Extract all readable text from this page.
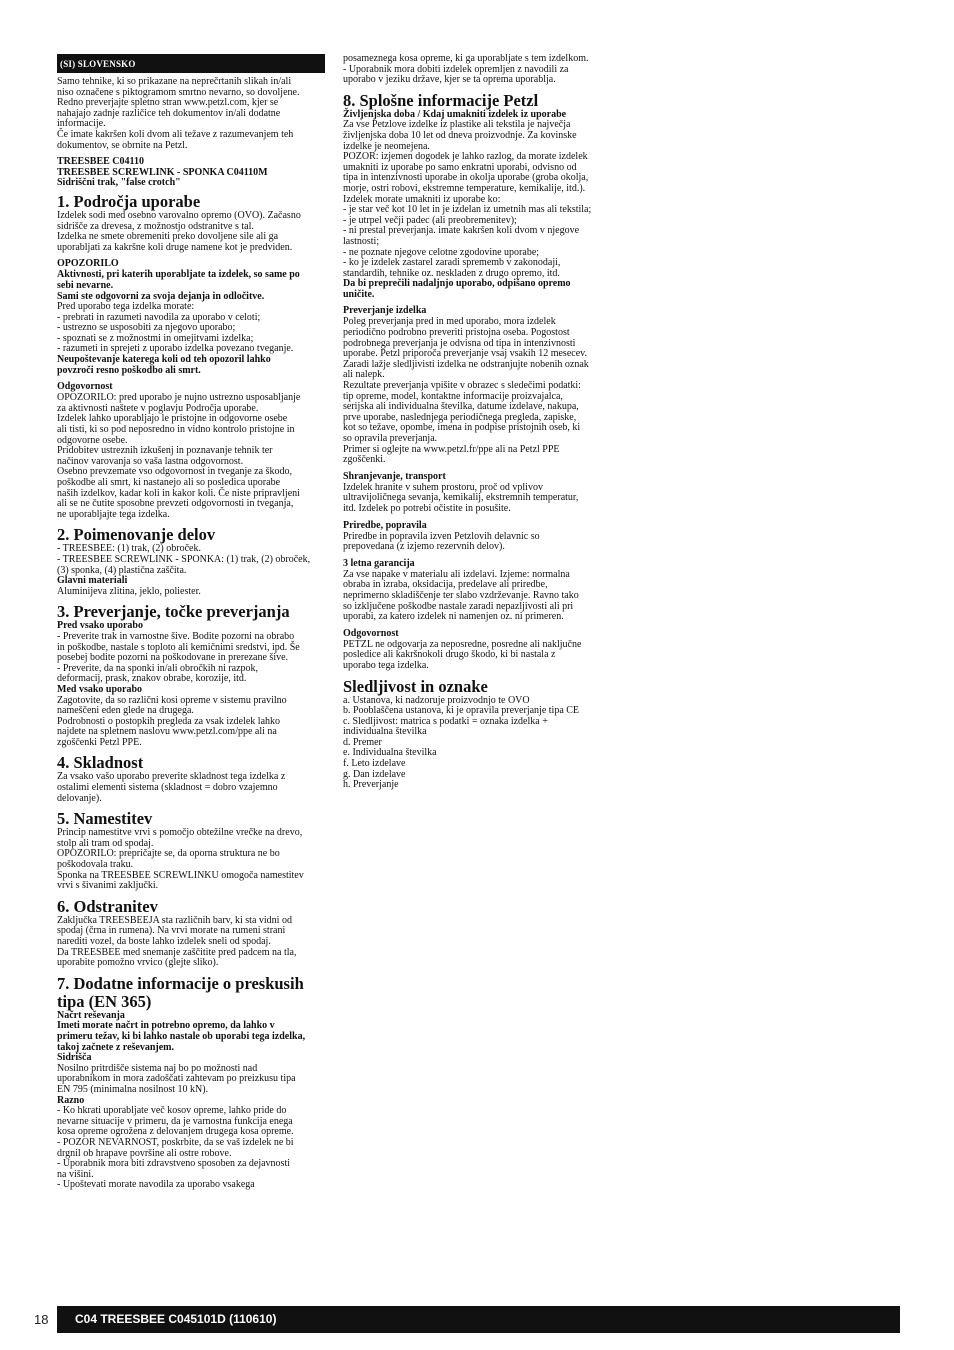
(SI) SLOVENSKO

Samo tehnike, ki so prikazane na neprečrtanih slikah in/ali
niso označene s piktogramom smrtno nevarno, so dovoljene.
Redno preverjajte spletno stran www.petzl.com, kjer se
nahajajo zadnje različice teh dokumentov in/ali dodatne
informacije.
Če imate kakršen koli dvom ali težave z razumevanjem teh
dokumentov, se obrnite na Petzl.

TREESBEE C04110
TREESBEE SCREWLINK - SPONKA C04110M
Sidriščni trak, "false crotch"

1. Področja uporabe

Izdelek sodi med osebno varovalno opremo (OVO). Začasno
sidrišče za drevesa, z možnostjo odstranitve s tal.
Izdelka ne smete obremeniti preko dovoljene sile ali ga
uporabljati za kakršne koli druge namene kot je predviden.

OPOZORILO

Aktivnosti, pri katerih uporabljate ta izdelek, so same po
sebi nevarne.
Sami ste odgovorni za svoja dejanja in odločitve.

Pred uporabo tega izdelka morate:
- prebrati in razumeti navodila za uporabo v celoti;
- ustrezno se usposobiti za njegovo uporabo;
- spoznati se z možnostmi in omejitvami izdelka;
- razumeti in sprejeti z uporabo izdelka povezano tveganje.

Neupoštevanje katerega koli od teh opozoril lahko
povzroči resno poškodbo ali smrt.

Odgovornost

OPOZORILO: pred uporabo je nujno ustrezno usposabljanje
za aktivnosti naštete v poglavju Področja uporabe.
Izdelek lahko uporabljajo le pristojne in odgovorne osebe
ali tisti, ki so pod neposredno in vidno kontrolo pristojne in
odgovorne osebe.
Pridobitev ustreznih izkušenj in poznavanje tehnik ter
načinov varovanja so vaša lastna odgovornost.
Osebno prevzemate vso odgovornost in tveganje za škodo,
poškodbe ali smrt, ki nastanejo ali so posledica uporabe
naših izdelkov, kadar koli in kakor koli. Če niste pripravljeni
ali se ne čutite sposobne prevzeti odgovornosti in tveganja,
ne uporabljajte tega izdelka.

2. Poimenovanje delov

- TREESBEE: (1) trak, (2) obroček.
- TREESBEE SCREWLINK - SPONKA: (1) trak, (2) obroček,
(3) sponka, (4) plastična zaščita.

Glavni materiali

Aluminijeva zlitina, jeklo, poliester.

3. Preverjanje, točke preverjanja

Pred vsako uporabo

- Preverite trak in varnostne šive. Bodite pozorni na obrabo
in poškodbe, nastale s toploto ali kemičnimi sredstvi, ipd. Še
posebej bodite pozorni na poškodovane in prerezane šive.
- Preverite, da na sponki in/ali obročkih ni razpok,
deformacij, prask, znakov obrabe, korozije, itd.

Med vsako uporabo

Zagotovite, da so različni kosi opreme v sistemu pravilno
nameščeni eden glede na drugega.
Podrobnosti o postopkih pregleda za vsak izdelek lahko
najdete na spletnem naslovu www.petzl.com/ppe ali na
zgoščenki Petzl PPE.

4. Skladnost

Za vsako vašo uporabo preverite skladnost tega izdelka z
ostalimi elementi sistema (skladnost = dobro vzajemno
delovanje).

5. Namestitev

Princip namestitve vrvi s pomočjo obtežilne vrečke na drevo,
stolp ali tram od spodaj.
OPOZORILO: prepričajte se, da oporna struktura ne bo
poškodovala traku.
Sponka na TREESBEE SCREWLINKU omogoča namestitev
vrvi s šivanimi zaključki.

6. Odstranitev

Zaključka TREESBEEJA sta različnih barv, ki sta vidni od
spodaj (črna in rumena). Na vrvi morate na rumeni strani
narediti vozel, da boste lahko izdelek sneli od spodaj.
Da TREESBEE med snemanje zaščitite pred padcem na tla,
uporabite pomožno vrvico (glejte sliko).

7. Dodatne informacije o preskusih
tipa (EN 365)

Načrt reševanja

Imeti morate načrt in potrebno opremo, da lahko v
primeru težav, ki bi lahko nastale ob uporabi tega izdelka,
takoj začnete z reševanjem.

Sidrišča

Nosilno pritrdišče sistema naj bo po možnosti nad
uporabnikom in mora zadoščati zahtevam po preizkusu tipa
EN 795 (minimalna nosilnost 10 kN).

Razno

- Ko hkrati uporabljate več kosov opreme, lahko pride do
nevarne situacije v primeru, da je varnostna funkcija enega
kosa opreme ogrožena z delovanjem drugega kosa opreme.
- POZOR NEVARNOST, poskrbite, da se vaš izdelek ne bi
drgnil ob hrapave površine ali ostre robove.
- Uporabnik mora biti zdravstveno sposoben za dejavnosti
na višini.
- Upoštevati morate navodila za uporabo vsakega

posameznega kosa opreme, ki ga uporabljate s tem izdelkom.
- Uporabnik mora dobiti izdelek opremljen z navodili za
uporabo v jeziku države, kjer se ta oprema uporablja.

8. Splošne informacije Petzl

Življenjska doba / Kdaj umakniti izdelek iz uporabe

Za vse Petzlove izdelke iz plastike ali tekstila je največja
življenjska doba 10 let od dneva proizvodnje. Za kovinske
izdelke je neomejena.
POZOR: izjemen dogodek je lahko razlog, da morate izdelek
umakniti iz uporabe po samo enkratni uporabi, odvisno od
tipa in intenzivnosti uporabe in okolja uporabe (groba okolja,
morje, ostri robovi, ekstremne temperature, kemikalije, itd.).
Izdelek morate umakniti iz uporabe ko:
- je star več kot 10 let in je izdelan iz umetnih mas ali tekstila;
- je utrpel večji padec (ali preobremenitev);
- ni prestal preverjanja. imate kakršen koli dvom v njegove
lastnosti;
- ne poznate njegove celotne zgodovine uporabe;
- ko je izdelek zastarel zaradi sprememb v zakonodaji,
standardih, tehnike oz. neskladen z drugo opremo, itd.

Da bi preprečili nadaljnjo uporabo, odpišano opremo
uničite.

Preverjanje izdelka

Poleg preverjanja pred in med uporabo, mora izdelek
periodično podrobno preveriti pristojna oseba. Pogostost
podrobnega preverjanja je odvisna od tipa in intenzivnosti
uporabe. Petzl priporoča preverjanje vsaj vsakih 12 mesecev.
Zaradi lažje sledljivisti izdelka ne odstranjujte nobenih oznak
ali nalepk.
Rezultate preverjanja vpišite v obrazec s sledečimi podatki:
tip opreme, model, kontaktne informacije proizvajalca,
serijska ali individualna številka, datume izdelave, nakupa,
prve uporabe, naslednjega periodičnega pregleda, zapiske,
kot so težave, opombe, imena in podpise pristojnih oseb, ki
so opravila preverjanja.
Primer si oglejte na www.petzl.fr/ppe ali na Petzl PPE
zgoščenki.

Shranjevanje, transport

Izdelek hranite v suhem prostoru, proč od vplivov
ultravijoličnega sevanja, kemikalij, ekstremnih temperatur,
itd. Izdelek po potrebi očistite in posušite.

Priredbe, popravila

Priredbe in popravila izven Petzlovih delavnic so
prepovedana (z izjemo rezervnih delov).

3 letna garancija

Za vse napake v materialu ali izdelavi. Izjeme: normalna
obraba in izraba, oksidacija, predelave ali priredbe,
neprimerno skladiščenje ter slabo vzdrževanje. Ravno tako
so izključene poškodbe nastale zaradi nepazljivosti ali pri
uporabi, za katero izdelek ni namenjen oz. ni primeren.

Odgovornost

PETZL ne odgovarja za neposredne, posredne ali naključne
posledice ali kakršnokoli drugo škodo, ki bi nastala z
uporabo tega izdelka.

Sledljivost in oznake

a. Ustanova, ki nadzoruje proizvodnjo te OVO
b. Pooblaščena ustanova, ki je opravila preverjanje tipa CE
c. Sledljivost: matrica s podatki = oznaka izdelka +
individualna številka
d. Premer
e. Individualna številka
f. Leto izdelave
g. Dan izdelave
h. Preverjanje

18	C04 TREESBEE C045101D (110610)
